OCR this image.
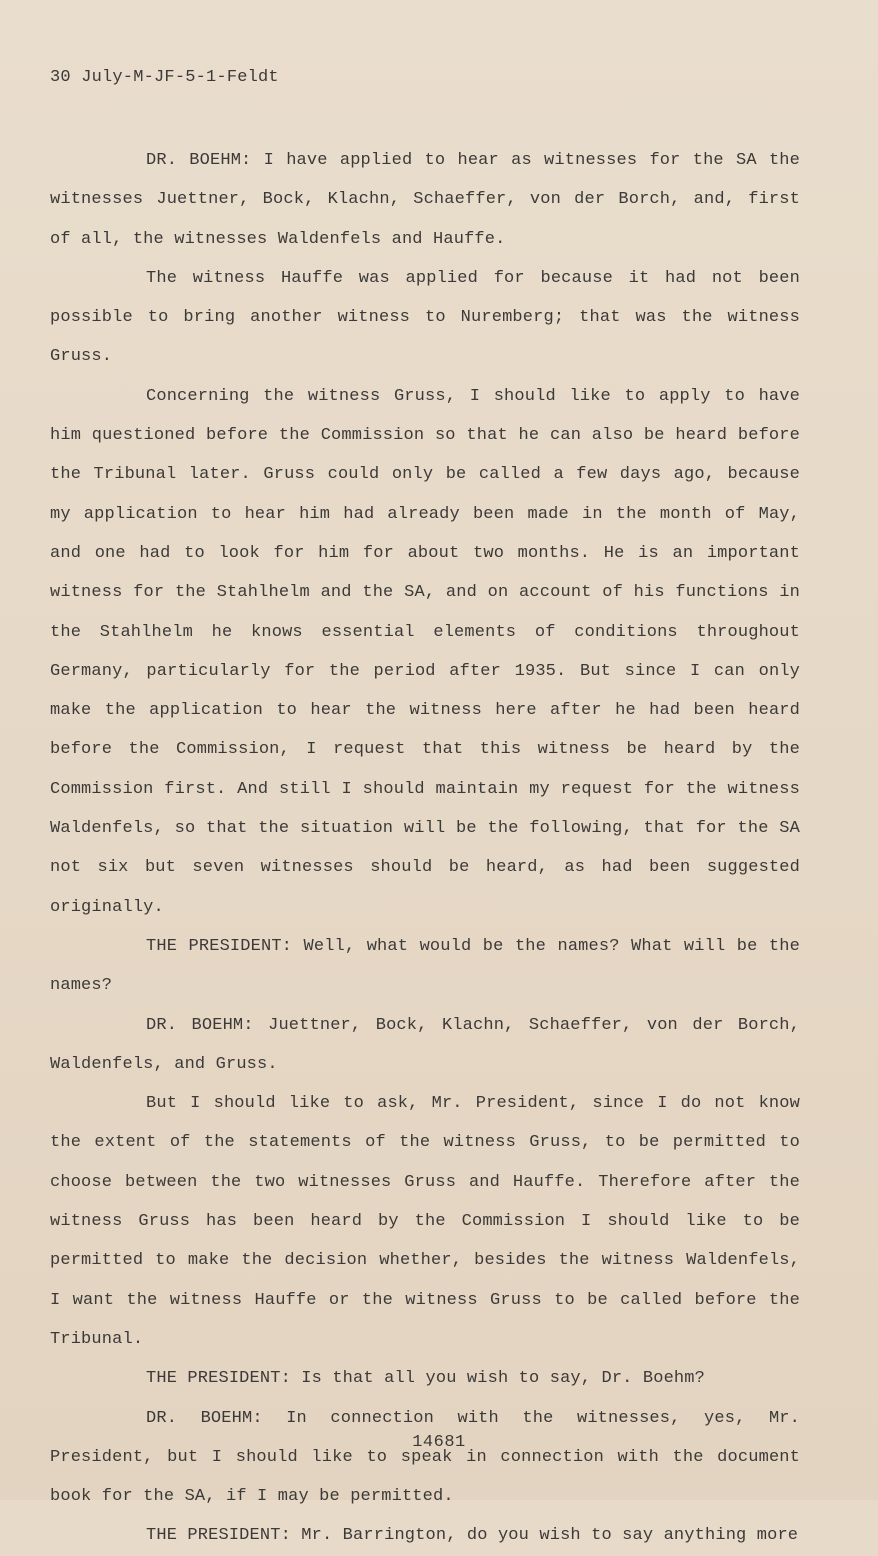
30 July-M-JF-5-1-Feldt

DR. BOEHM: I have applied to hear as witnesses for the SA the witnesses Juettner, Bock, Klachn, Schaeffer, von der Borch, and, first of all, the witnesses Waldenfels and Hauffe.

The witness Hauffe was applied for because it had not been possible to bring another witness to Nuremberg; that was the witness Gruss.

Concerning the witness Gruss, I should like to apply to have him questioned before the Commission so that he can also be heard before the Tribunal later. Gruss could only be called a few days ago, because my application to hear him had already been made in the month of May, and one had to look for him for about two months. He is an important witness for the Stahlhelm and the SA, and on account of his functions in the Stahlhelm he knows essential elements of conditions throughout Germany, particularly for the period after 1935. But since I can only make the application to hear the witness here after he had been heard before the Commission, I request that this witness be heard by the Commission first. And still I should maintain my request for the witness Waldenfels, so that the situation will be the following, that for the SA not six but seven witnesses should be heard, as had been suggested originally.

THE PRESIDENT: Well, what would be the names? What will be the names?

DR. BOEHM: Juettner, Bock, Klachn, Schaeffer, von der Borch, Waldenfels, and Gruss.

But I should like to ask, Mr. President, since I do not know the extent of the statements of the witness Gruss, to be permitted to choose between the two witnesses Gruss and Hauffe. Therefore after the witness Gruss has been heard by the Commission I should like to be permitted to make the decision whether, besides the witness Waldenfels, I want the witness Hauffe or the witness Gruss to be called before the Tribunal.

THE PRESIDENT: Is that all you wish to say, Dr. Boehm?

DR. BOEHM: In connection with the witnesses, yes, Mr. President, but I should like to speak in connection with the document book for the SA, if I may be permitted.

THE PRESIDENT: Mr. Barrington, do you wish to say anything more

14681
